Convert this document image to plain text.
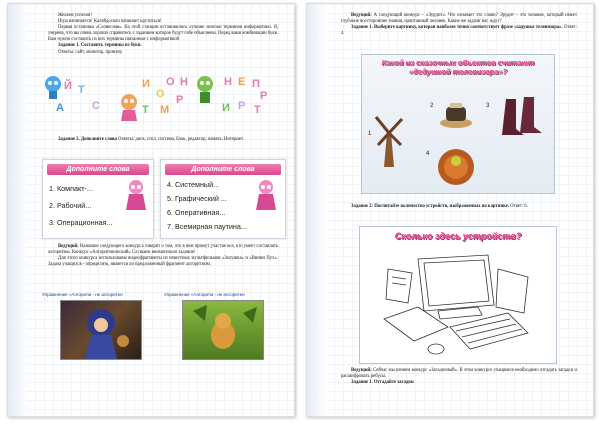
Желаем успехов!

Игра начинается! Калейдоскоп начинает крутиться!

Первая остановка «Словесная». На этой станции остановились лучшие знатоки терминов информатики. Я, уверена, что вы очень хорошо справитесь с заданием которое будут себе объяснены. Перед вами комбинации букв. Вам нужно составить из них термины связанные с информатикой

Задание 1. Составить термины из букв.

Ответы: сайт, монитор, принтер

Й Т
А	С
И
О
О
Т
Р
М
Н	Н Е П
Р
И Р Т

Задание 2. Дополните слова Ответы: диск, стол, система, блок, редактор, память, Интернет.

Дополните слова
1. Компакт-...
2. Рабочий...
3. Операционная...
Дополните слова
4. Системный...
5. Графический ...
6. Оперативная...
7. Всемирная паутина...

Ведущий: Название следующего конкурса говорит о том, что в нем примут участие все, кто умеет составлять алгоритмы. Конкурс «Алгоритмический» Слушаем внимательно задание!

Для этого конкурса использованы видеофрагменты из известных мультфильмов «Золушка» и «Винни Пух». Задача учащихся - определить, является ли предложенный фрагмент алгоритмом.

Упражнение «Алгоритм - не алгоритм»	Упражнение «Алгоритм - не алгоритм»

Ведущий: А следующий конкурс – «Эрудит». Что означает это слово? Эрудит – это человек, который имеет глубокие всесторонние знания, начитанный человек. Какие же задачи нас ждут?

Задание 1. Выберите картинку, которая наиболее точно соответствует фразе «задушка телевизора». Ответ: 4.

Какой из сказочных объектов считают
«дедушкой телевизора»?
1
2	3
4

Задание 2: Посчитайте количество устройств, изображенных на картинке. Ответ: 6.

Сколько здесь устройств?

Ведущий: Сейчас мы начнем конкурс «Загадочный». В этом конкурсе учащимся необходимо отгадать загадки и расшифровать ребусы.

Задание 1. Отгадайте загадки
